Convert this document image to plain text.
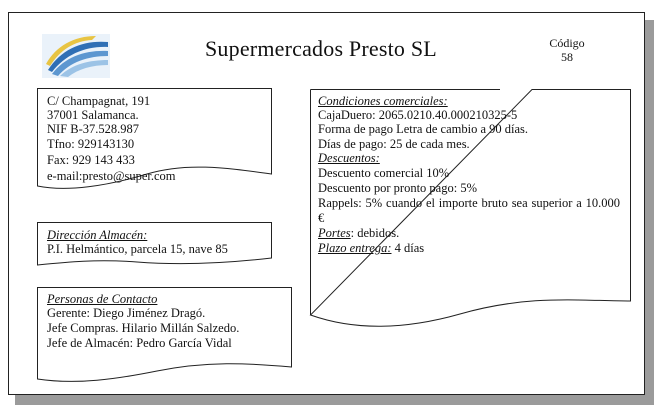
Supermercados Presto SL	Código
58
C/ Champagnat, 191
37001 Salamanca.
NIF B-37.528.987
Tfno: 929143130
Fax: 929 143 433
e-mail:presto@super.com
Dirección Almacén:
P.I. Helmántico, parcela 15, nave 85
Personas de Contacto
Gerente: Diego Jiménez Dragó.
Jefe Compras. Hilario Millán Salzedo.
Jefe de Almacén: Pedro García Vidal
Condiciones comerciales:
CajaDuero: 2065.0210.40.000210325-5
Forma de pago Letra de cambio a 90 días.
Días de pago: 25 de cada mes.
Descuentos:
Descuento comercial 10%
Descuento por pronto pago: 5%
Rappels: 5% cuando el importe bruto sea superior a 10.000 €
Portes: debidos.
Plazo entrega: 4 días
